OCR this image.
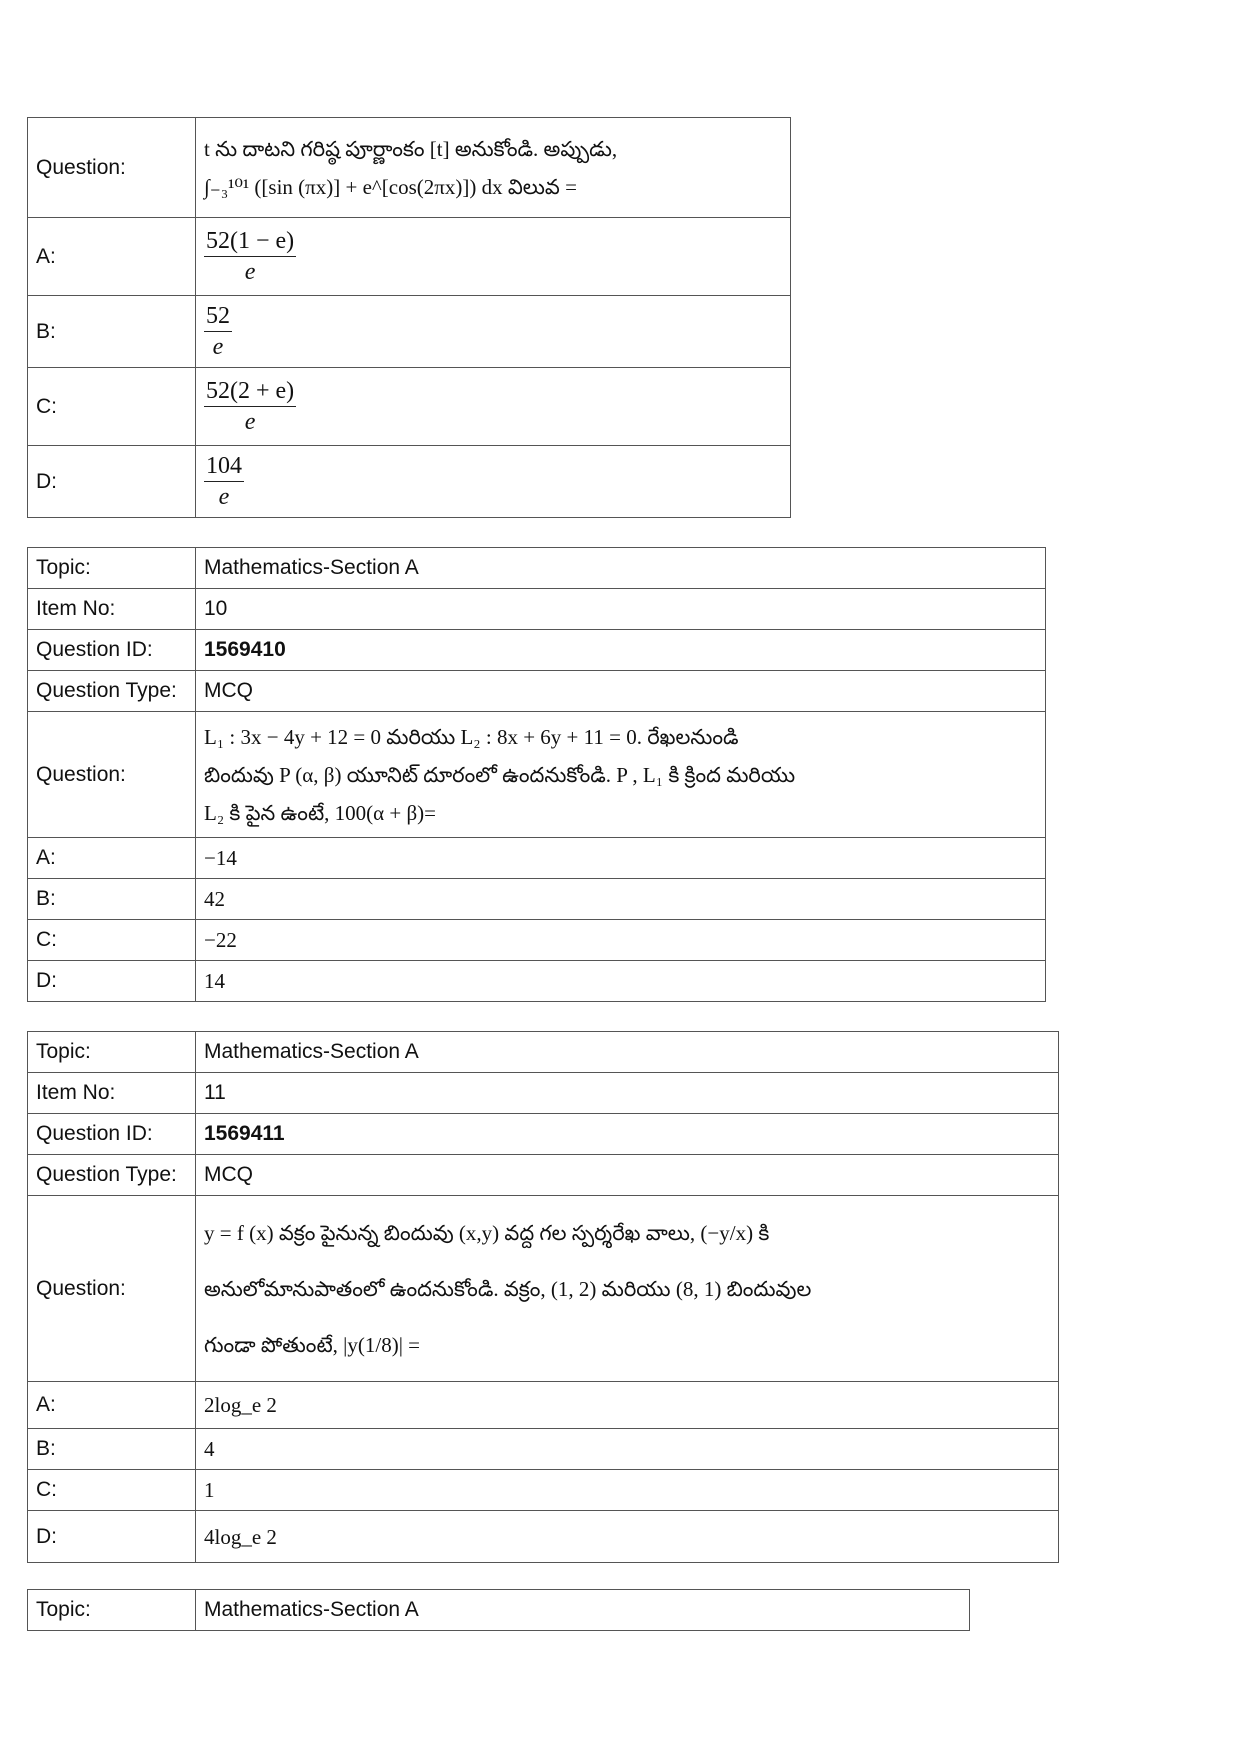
Question:	t ను దాటని గరిష్ఠ పూర్ణాంకం [t] అనుకోండి. అప్పుడు,
∫₋₃¹⁰¹ ([sin (πx)] + e^[cos(2πx)]) dx విలువ =

A:	$\frac{52(1 - e)}{e}$

B:	$\frac{52}{e}$

C:	$\frac{52(2 + e)}{e}$

D:	$\frac{104}{e}$
Topic:	Mathematics-Section A
Item No:	10
Question ID:	1569410
Question Type:	MCQ
Question:	L₁ : 3x − 4y + 12 = 0 మరియు L₂ : 8x + 6y + 11 = 0. రేఖలనుండి
బిందువు P (α, β) యూనిట్ దూరంలో ఉందనుకోండి. P , L₁ కి క్రింద మరియు
L₂ కి పైన ఉంటే, 100(α + β)=

A:	−14
B:	42
C:	−22
D:	14
Topic:	Mathematics-Section A
Item No:	11
Question ID:	1569411
Question Type:	MCQ
Question:	y = f (x) వక్రం పైనున్న బిందువు (x,y) వద్ద గల స్పర్శరేఖ వాలు, (−y/x) కి
అనులోమానుపాతంలో ఉందనుకోండి. వక్రం, (1, 2) మరియు (8, 1) బిందువుల
గుండా పోతుంటే, |y(1/8)| =

A:	2log_e 2
B:	4
C:	1
D:	4log_e 2
Topic:	Mathematics-Section A
